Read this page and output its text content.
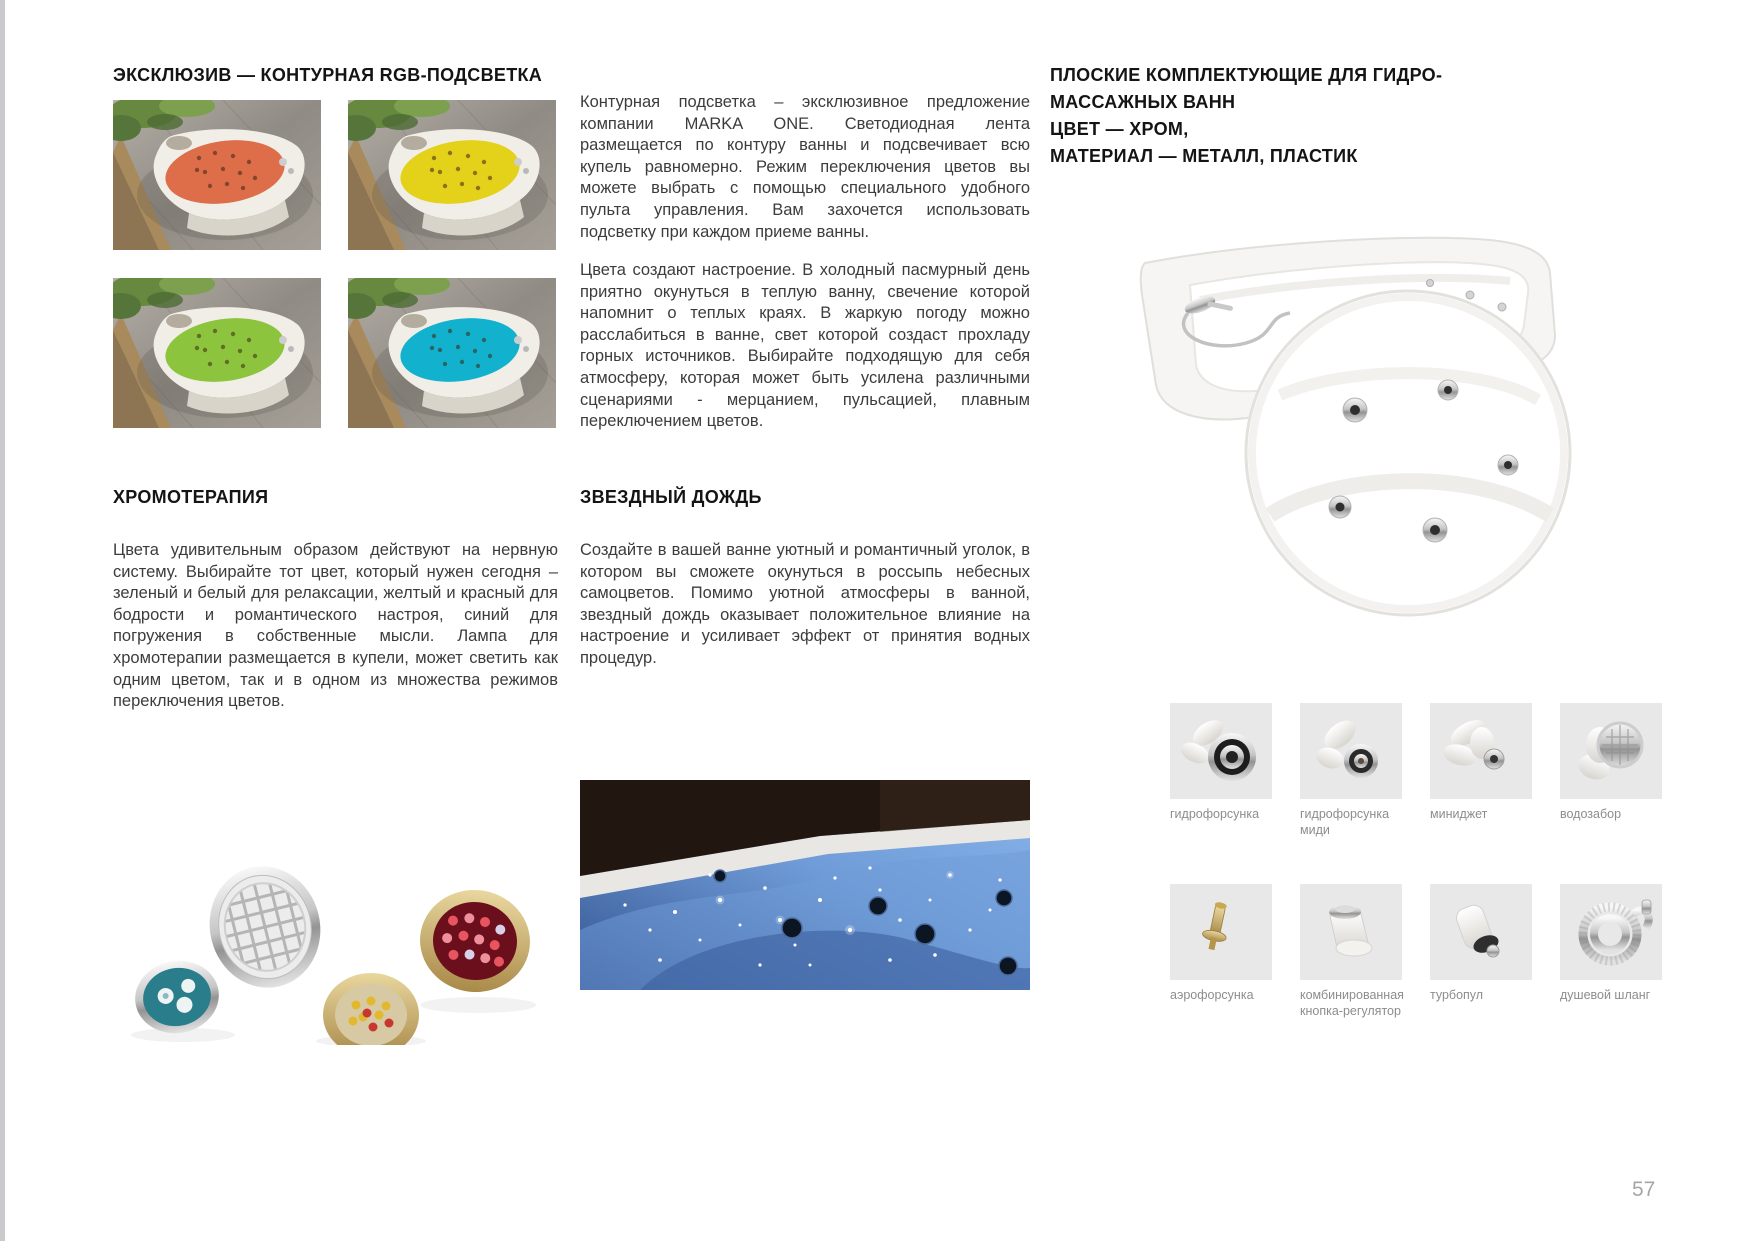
ЭКСКЛЮЗИВ — КОНТУРНАЯ RGB-ПОДСВЕТКА
ХРОМОТЕРАПИЯ
Цвета удивительным образом действуют на нервную систему. Выбирайте тот цвет, который нужен сегодня – зеленый и белый для релаксации, желтый и красный для бодрости и романтического настроя, синий для погружения в собственные мысли. Лампа для хромотерапии размещается в купели, может светить как одним цветом, так и в одном из множества режимов переключения цветов.
Контурная подсветка – эксклюзивное предложение компании MARKA ONE. Светодиодная лента размещается по контуру ванны и подсвечивает всю купель равномерно. Режим переключения цветов вы можете выбрать с помощью специального удобного пульта управления. Вам захочется использовать подсветку при каждом приеме ванны.
Цвета создают настроение. В холодный пасмурный день приятно окунуться в теплую ванну, свечение которой напомнит о теплых краях. В жаркую погоду можно расслабиться в ванне, свет которой создаст прохладу горных источников. Выбирайте подходящую для себя атмосферу, которая может быть усилена различными сценариями - мерцанием, пульсацией, плавным переключением цветов.
ЗВЕЗДНЫЙ ДОЖДЬ
Создайте в вашей ванне уютный и романтичный уголок, в котором вы сможете окунуться в россыпь небесных самоцветов. Помимо уютной атмосферы в ванной, звездный дождь оказывает положительное влияние на настроение и усиливает эффект от принятия водных процедур.
ПЛОСКИЕ КОМПЛЕКТУЮЩИЕ ДЛЯ ГИДРО-
МАССАЖНЫХ ВАНН
ЦВЕТ — ХРОМ,
МАТЕРИАЛ — МЕТАЛЛ, ПЛАСТИК
гидрофорсунка	гидрофорсунка миди
миниджет	водозабор
аэрофорсунка	комбинированная кнопка-регулятор
турбопул	душевой шланг
57
